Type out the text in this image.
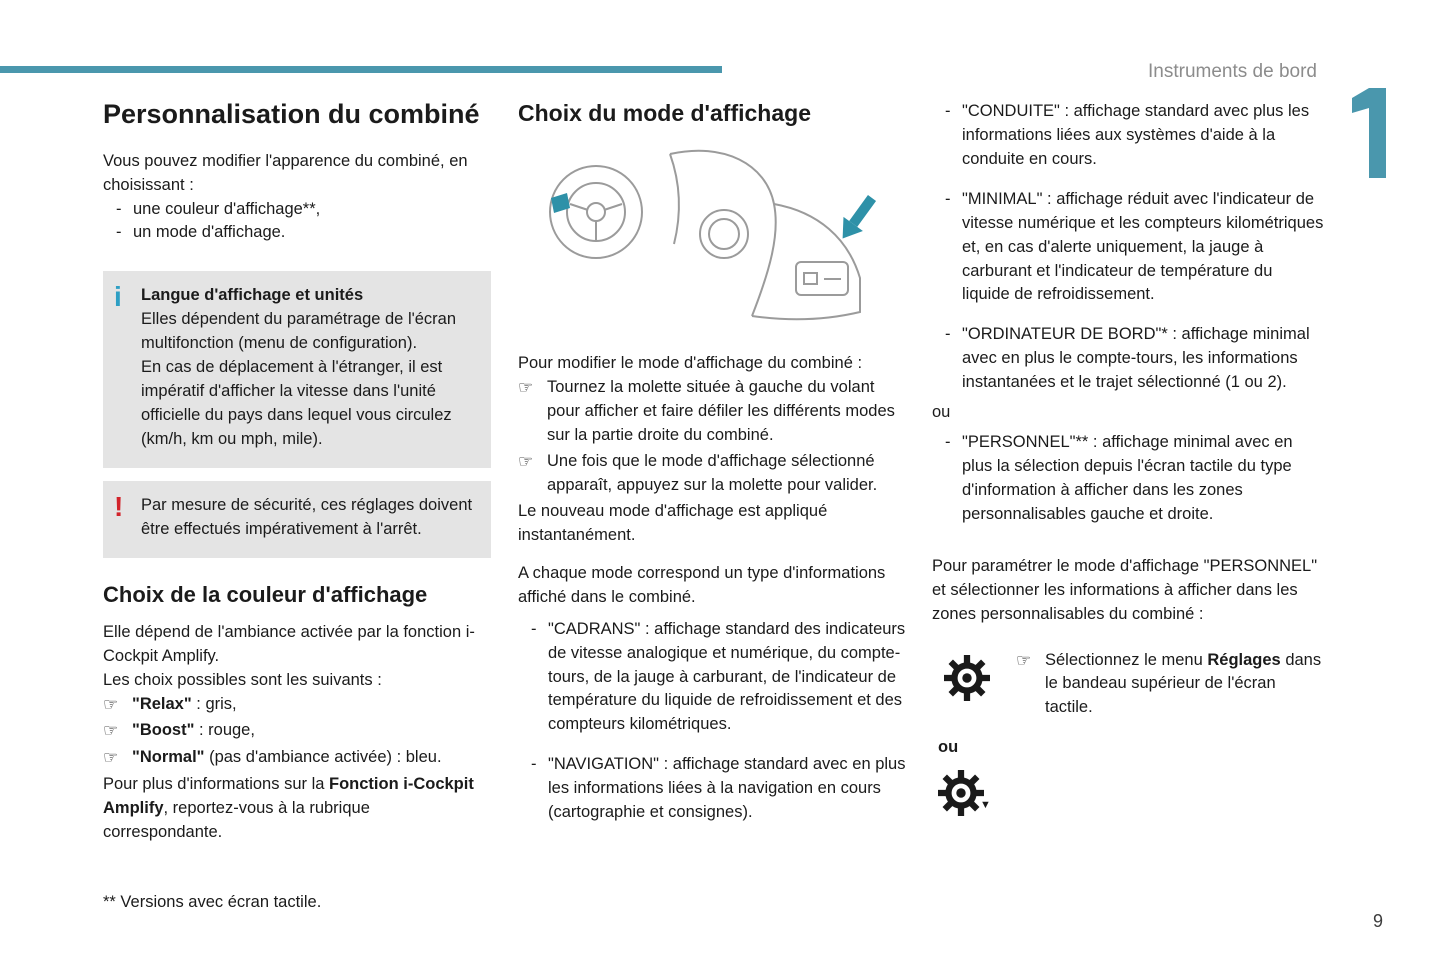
Instruments de bord
Personnalisation du combiné

Vous pouvez modifier l'apparence du combiné, en choisissant :

- une couleur d'affichage**,
- un mode d'affichage.
i Langue d'affichage et unités

Elles dépendent du paramétrage de l'écran multifonction (menu de configuration).

En cas de déplacement à l'étranger, il est impératif d'afficher la vitesse dans l'unité officielle du pays dans lequel vous circulez (km/h, km ou mph, mile).

! Par mesure de sécurité, ces réglages doivent être effectués impérativement à l'arrêt.

Choix de la couleur d'affichage

Elle dépend de l'ambiance activée par la fonction i-Cockpit Amplify.

Les choix possibles sont les suivants :

☞ "Relax" : gris,
☞ "Boost" : rouge,
☞ "Normal" (pas d'ambiance activée) : bleu.

Pour plus d'informations sur la Fonction i-Cockpit Amplify, reportez-vous à la rubrique correspondante.

Choix du mode d'affichage

Pour modifier le mode d'affichage du combiné :

☞ Tournez la molette située à gauche du volant pour afficher et faire défiler les différents modes sur la partie droite du combiné.
☞ Une fois que le mode d'affichage sélectionné apparaît, appuyez sur la molette pour valider.

Le nouveau mode d'affichage est appliqué instantanément.

A chaque mode correspond un type d'informations affiché dans le combiné.

- "CADRANS" : affichage standard des indicateurs de vitesse analogique et numérique, du compte-tours, de la jauge à carburant, de l'indicateur de température du liquide de refroidissement et des compteurs kilométriques.
- "NAVIGATION" : affichage standard avec en plus les informations liées à la navigation en cours (cartographie et consignes).
- "CONDUITE" : affichage standard avec plus les informations liées aux systèmes d'aide à la conduite en cours.
- "MINIMAL" : affichage réduit avec l'indicateur de vitesse numérique et les compteurs kilométriques et, en cas d'alerte uniquement, la jauge à carburant et l'indicateur de température du liquide de refroidissement.
- "ORDINATEUR DE BORD"* : affichage minimal avec en plus le compte-tours, les informations instantanées et le trajet sélectionné (1 ou 2).

ou

- "PERSONNEL"** : affichage minimal avec en plus la sélection depuis l'écran tactile du type d'information à afficher dans les zones personnalisables gauche et droite.

Pour paramétrer le mode d'affichage "PERSONNEL" et sélectionner les informations à afficher dans les zones personnalisables du combiné :

☞ Sélectionnez le menu Réglages dans le bandeau supérieur de l'écran tactile.

ou

▼

** Versions avec écran tactile.

9
